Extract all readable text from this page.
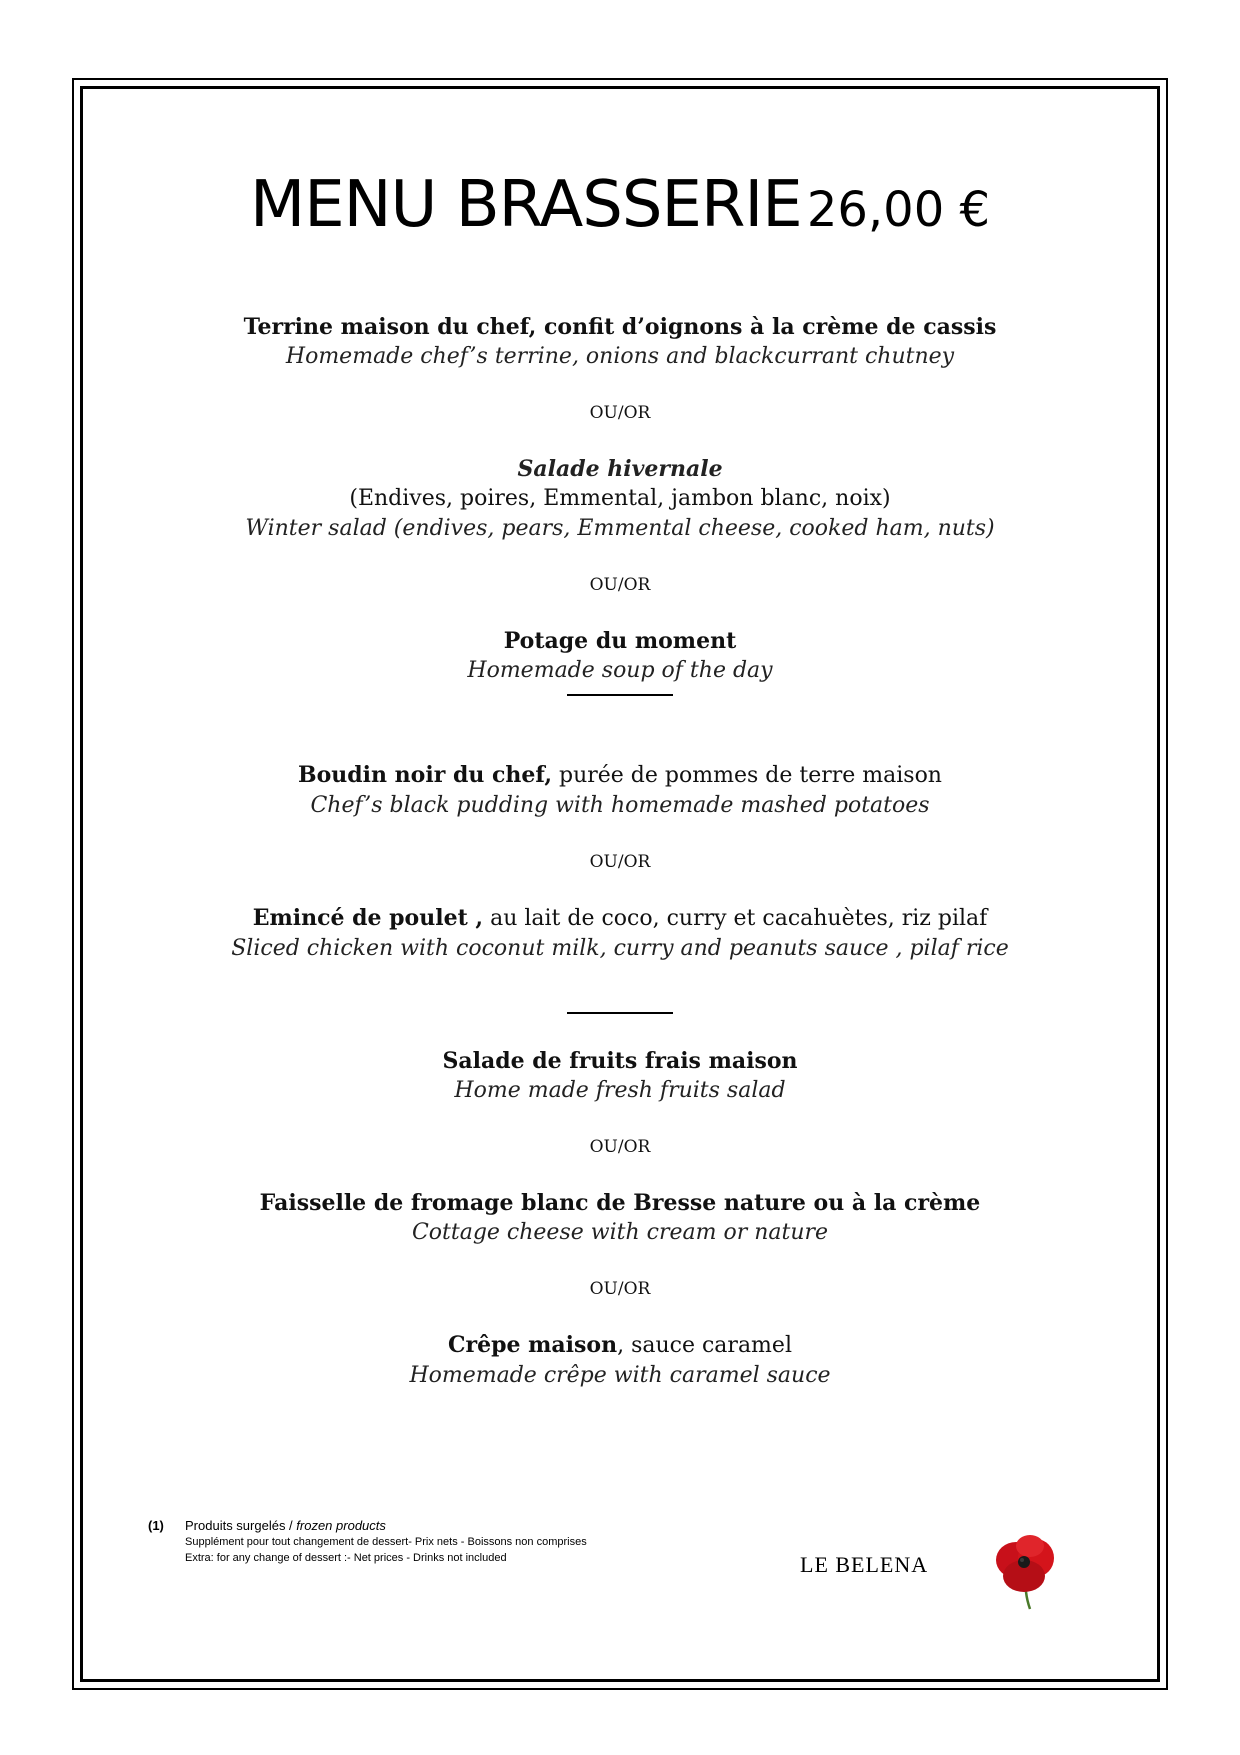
MENU BRASSERIE 26,00 €
Terrine maison du chef, confit d’oignons à la crème de cassis
Homemade chef’s terrine, onions and blackcurrant chutney
OU/OR
Salade hivernale
(Endives, poires, Emmental, jambon blanc, noix)
Winter salad (endives, pears, Emmental cheese, cooked ham, nuts)
OU/OR
Potage du moment
Homemade soup of the day
Boudin noir du chef, purée de pommes de terre maison
Chef’s black pudding with homemade mashed potatoes
OU/OR
Emincé de poulet , au lait de coco, curry et cacahuètes, riz pilaf
Sliced chicken with coconut milk, curry and peanuts sauce , pilaf rice
Salade de fruits frais maison
Home made fresh fruits salad
OU/OR
Faisselle de fromage blanc de Bresse nature ou à la crème
Cottage cheese with cream or nature
OU/OR
Crêpe maison, sauce caramel
Homemade crêpe with caramel sauce
(1) Produits surgelés / frozen products
Supplément pour tout changement de dessert- Prix nets - Boissons non comprises
Extra: for any change of dessert :- Net prices - Drinks not included	LE BELENA
